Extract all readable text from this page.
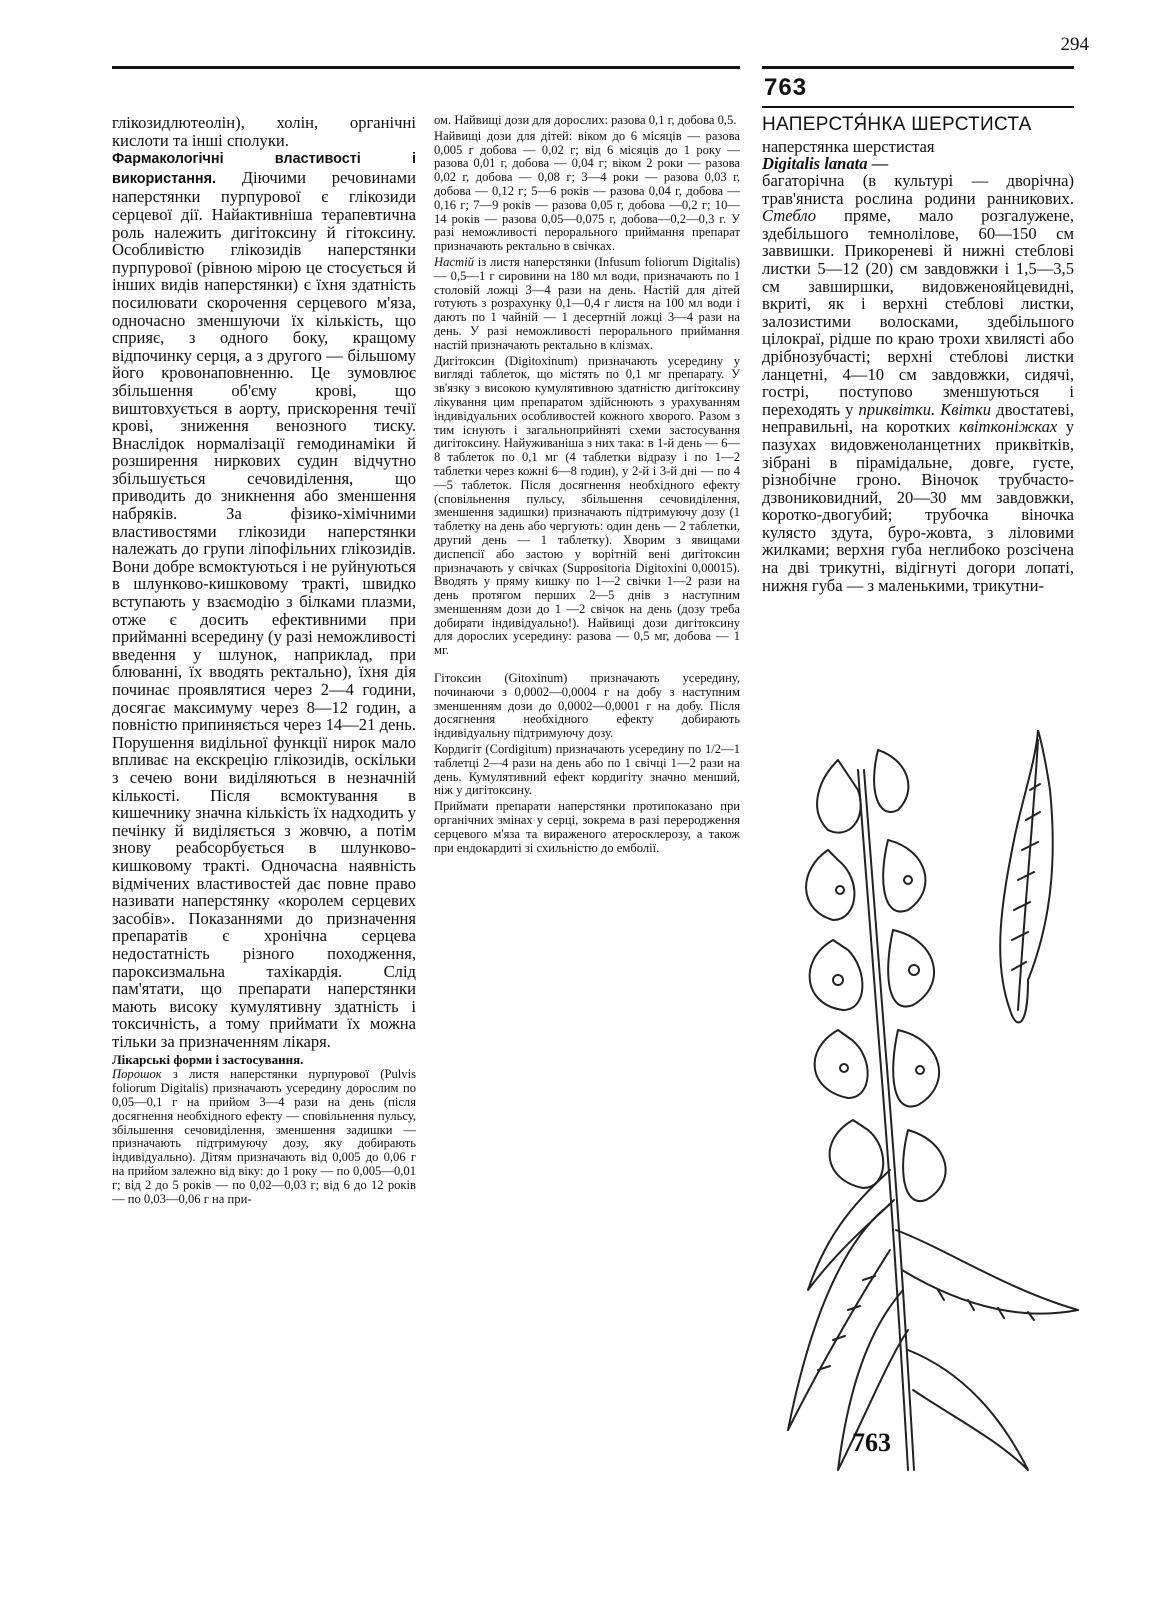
294
763

глікозидлютеолін), холін, органічні кислоти та інші сполуки.

Фармакологічні властивості і використання. Діючими речовинами наперстянки пурпурової є глікозиди серцевої дії. Найактивніша терапевтична роль належить дигітоксину й гітоксину. Особливістю глікозидів наперстянки пурпурової (рівною мірою це стосується й інших видів наперстянки) є їхня здатність посилювати скорочення серцевого м'яза, одночасно зменшуючи їх кількість, що сприяє, з одного боку, кращому відпочинку серця, а з другого — більшому його кровонаповненню. Це зумовлює збільшення об'єму крові, що виштовхується в аорту, прискорення течії крові, зниження венозного тиску. Внаслідок нормалізації гемодинаміки й розширення ниркових судин відчутно збільшується сечовиділення, що приводить до зникнення або зменшення набряків. За фізико-хімічними властивостями глікозиди наперстянки належать до групи ліпофільних глікозидів. Вони добре всмоктуються і не руйнуються в шлунково-кишковому тракті, швидко вступають у взаємодію з білками плазми, отже є досить ефективними при прийманні всередину (у разі неможливості введення у шлунок, наприклад, при блюванні, їх вводять ректально), їхня дія починає проявлятися через 2—4 години, досягає максимуму через 8—12 годин, а повністю припиняється через 14—21 день. Порушення видільної функції нирок мало впливає на екскрецію глікозидів, оскільки з сечею вони виділяються в незначній кількості. Після всмоктування в кишечнику значна кількість їх надходить у печінку й виділяється з жовчю, а потім знову реабсорбується в шлунково-кишковому тракті. Одночасна наявність відмічених властивостей дає повне право називати наперстянку «королем серцевих засобів». Показаннями до призначення препаратів є хронічна серцева недостатність різного походження, пароксизмальна тахікардія. Слід пам'ятати, що препарати наперстянки мають високу кумулятивну здатність і токсичність, а тому приймати їх можна тільки за призначенням лікаря.

Лікарські форми і застосування.

Порошок з листя наперстянки пурпурової (Pulvis foliorum Digitalis) призначають усередину дорослим по 0,05—0,1 г на прийом 3—4 рази на день (після досягнення необхідного ефекту — сповільнення пульсу, збільшення сечовиділення, зменшення задишки — призначають підтримуючу дозу, яку добирають індивідуально). Дітям призначають від 0,005 до 0,06 г на прийом залежно від віку: до 1 року — по 0,005—0,01 г; від 2 до 5 років — по 0,02—0,03 г; від 6 до 12 років — по 0,03—0,06 г на при-

ом. Найвищі дози для дорослих: разова 0,1 г, добова 0,5.

Найвищі дози для дітей: віком до 6 місяців — разова 0,005 г добова — 0,02 г; від 6 місяців до 1 року — разова 0,01 г, добова — 0,04 г; віком 2 роки — разова 0,02 г, добова — 0,08 г; 3—4 роки — разова 0,03 г, добова — 0,12 г; 5—6 років — разова 0,04 г, добова — 0,16 г; 7—9 років — разова 0,05 г, добова —0,2 г; 10—14 років — разова 0,05—0,075 г, добова—0,2—0,3 г. У разі неможливості перорального приймання препарат призначають ректально в свічках.

Настій із листя наперстянки (Infusum foliorum Digitalis) — 0,5—1 г сировини на 180 мл води, призначають по 1 столовій ложці 3—4 рази на день. Настій для дітей готують з розрахунку 0,1—0,4 г листя на 100 мл води і дають по 1 чайній — 1 десертній ложці 3—4 рази на день. У разі неможливості перорального приймання настій призначають ректально в клізмах.

Дигітоксин (Digitoxinum) призначають усередину у вигляді таблеток, що містять по 0,1 мг препарату. У зв'язку з високою кумулятивною здатністю дигітоксину лікування цим препаратом здійснюють з урахуванням індивідуальних особливостей кожного хворого. Разом з тим існують і загальноприйняті схеми застосування дигітоксину. Найуживаніша з них така: в 1-й день — 6—8 таблеток по 0,1 мг (4 таблетки відразу і по 1—2 таблетки через кожні 6—8 годин), у 2-й і 3-й дні — по 4—5 таблеток. Після досягнення необхідного ефекту (сповільнення пульсу, збільшення сечовиділення, зменшення задишки) призначають підтримуючу дозу (1 таблетку на день або чергують: один день — 2 таблетки, другий день — 1 таблетку). Хворим з явищами диспепсії або застою у ворітній вені дигітоксин призначають у свічках (Suppositoria Digitoxini 0,00015). Вводять у пряму кишку по 1—2 свічки 1—2 рази на день протягом перших 2—5 днів з наступним зменшенням дози до 1 —2 свічок на день (дозу треба добирати індивідуально!). Найвищі дози дигітоксину для дорослих усередину: разова — 0,5 мг, добова — 1 мг.

Гітоксин (Gitoxinum) призначають усередину, починаючи з 0,0002—0,0004 г на добу з наступним зменшенням дози до 0,0002—0,0001 г на добу. Після досягнення необхідного ефекту добирають індивідуальну підтримуючу дозу.

Кордигіт (Cordigitum) призначають усередину по 1/2—1 таблетці 2—4 рази на день або по 1 свічці 1—2 рази на день. Кумулятивний ефект кордигіту значно менший, ніж у дигітоксину.

Приймати препарати наперстянки протипоказано при органічних змінах у серці, зокрема в разі переродження серцевого м'яза та вираженого атеросклерозу, а також при ендокардиті зі схильністю до емболії.

НАПЕРСТЯ́НКА ШЕРСТИСТА

наперстянка шерстистая

Digitalis lanata —

багаторічна (в культурі — дворічна) трав'яниста рослина родини ранникових. Стебло пряме, мало розгалужене, здебільшого темнолілове, 60—150 см заввишки. Прикореневі й нижні стеблові листки 5—12 (20) см завдовжки і 1,5—3,5 см завширшки, видовженояйцевидні, вкриті, як і верхні стеблові листки, залозистими волосками, здебільшого цілокраї, рідше по краю трохи хвилясті або дрібнозубчасті; верхні стеблові листки ланцетні, 4—10 см завдовжки, сидячі, гострі, поступово зменшуються і переходять у приквітки. Квітки двостатеві, неправильні, на коротких квітконіжках у пазухах видовженоланцетних приквітків, зібрані в пірамідальне, довге, густе, різнобічне гроно. Віночок трубчасто-дзвониковидний, 20—30 мм завдовжки, коротко-двогубий; трубочка віночка кулясто здута, буро-жовта, з ліловими жилками; верхня губа неглибоко розсічена на дві трикутні, відігнуті догори лопаті, нижня губа — з маленькими, трикутни-

763
